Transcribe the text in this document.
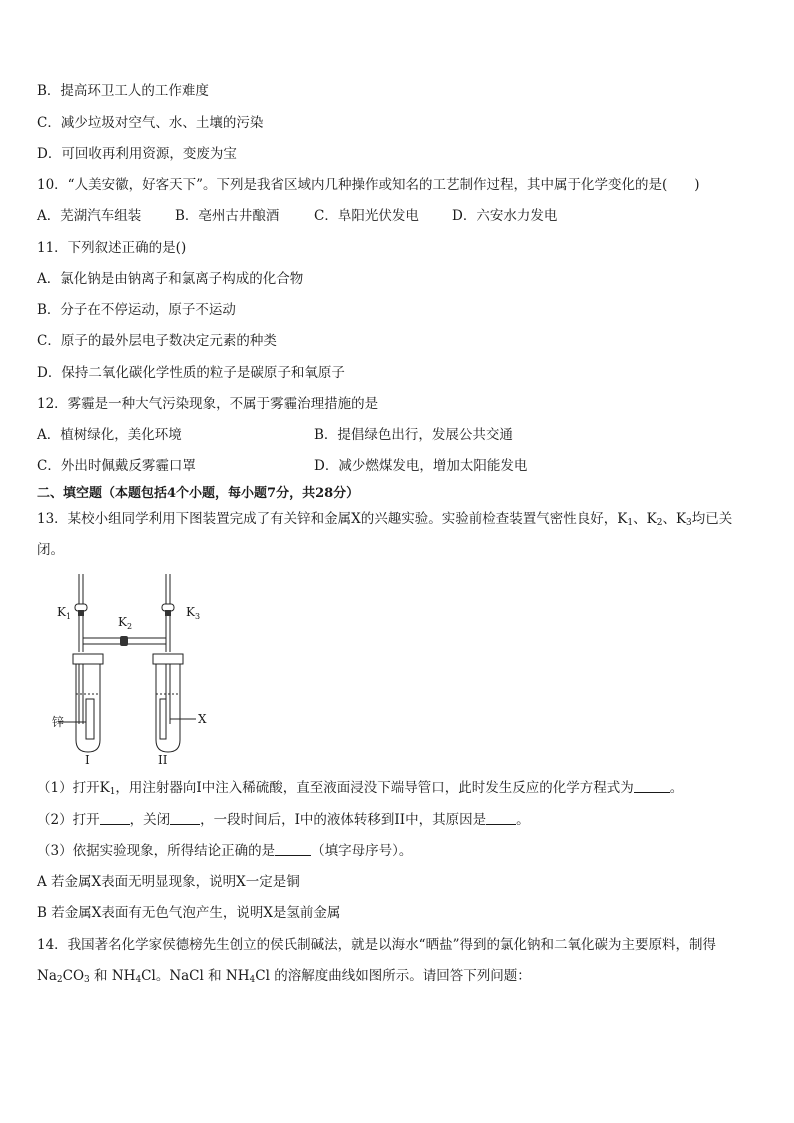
B．提高环卫工人的工作难度
C．减少垃圾对空气、水、土壤的污染
D．可回收再利用资源，变废为宝
10．“人美安徽，好客天下”。下列是我省区域内几种操作或知名的工艺制作过程，其中属于化学变化的是(　　)
A．芜湖汽车组装	B．亳州古井酿酒	C．阜阳光伏发电 D．六安水力发电
11．下列叙述正确的是()
A．氯化钠是由钠离子和氯离子构成的化合物
B．分子在不停运动，原子不运动
C．原子的最外层电子数决定元素的种类
D．保持二氧化碳化学性质的粒子是碳原子和氧原子
12．雾霾是一种大气污染现象，不属于雾霾治理措施的是
A．植树绿化，美化环境	B．提倡绿色出行，发展公共交通
C．外出时佩戴反雾霾口罩	D．减少燃煤发电，增加太阳能发电
二、填空题（本题包括4个小题，每小题7分，共28分）
13．某校小组同学利用下图装置完成了有关锌和金属X的兴趣实验。实验前检查装置气密性良好，$K_1$、$K_2$、$K_3$均已关
闭。
$K_1$	$K_2$
$K_3$
锌	X
I	II
（1）打开$K_1$，用注射器向I中注入稀硫酸，直至液面浸没下端导管口，此时发生反应的化学方程式为	。
（2）打开 ，关闭 ，一段时间后，I中的液体转移到II中，其原因是 。
（3）依据实验现象，所得结论正确的是	（填字母序号）。
A 若金属X表面无明显现象，说明X一定是铜
B 若金属X表面有无色气泡产生，说明X是氢前金属
14．我国著名化学家侯德榜先生创立的侯氏制碱法，就是以海水“晒盐”得到的氯化钠和二氧化碳为主要原料，制得
$Na_2CO_3$ 和 $NH_4Cl$。NaCl 和 $NH_4Cl$ 的溶解度曲线如图所示。请回答下列问题：
